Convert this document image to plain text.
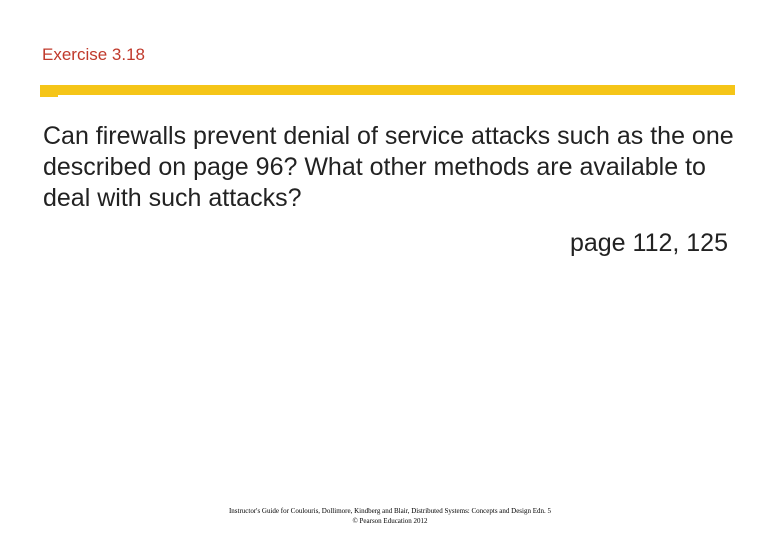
Exercise 3.18

Can firewalls prevent denial of service attacks such as the one described on page 96? What other methods are available to deal with such attacks?

page 112, 125

Instructor's Guide for Coulouris, Dollimore, Kindberg and Blair, Distributed Systems: Concepts and Design Edn. 5
© Pearson Education 2012
